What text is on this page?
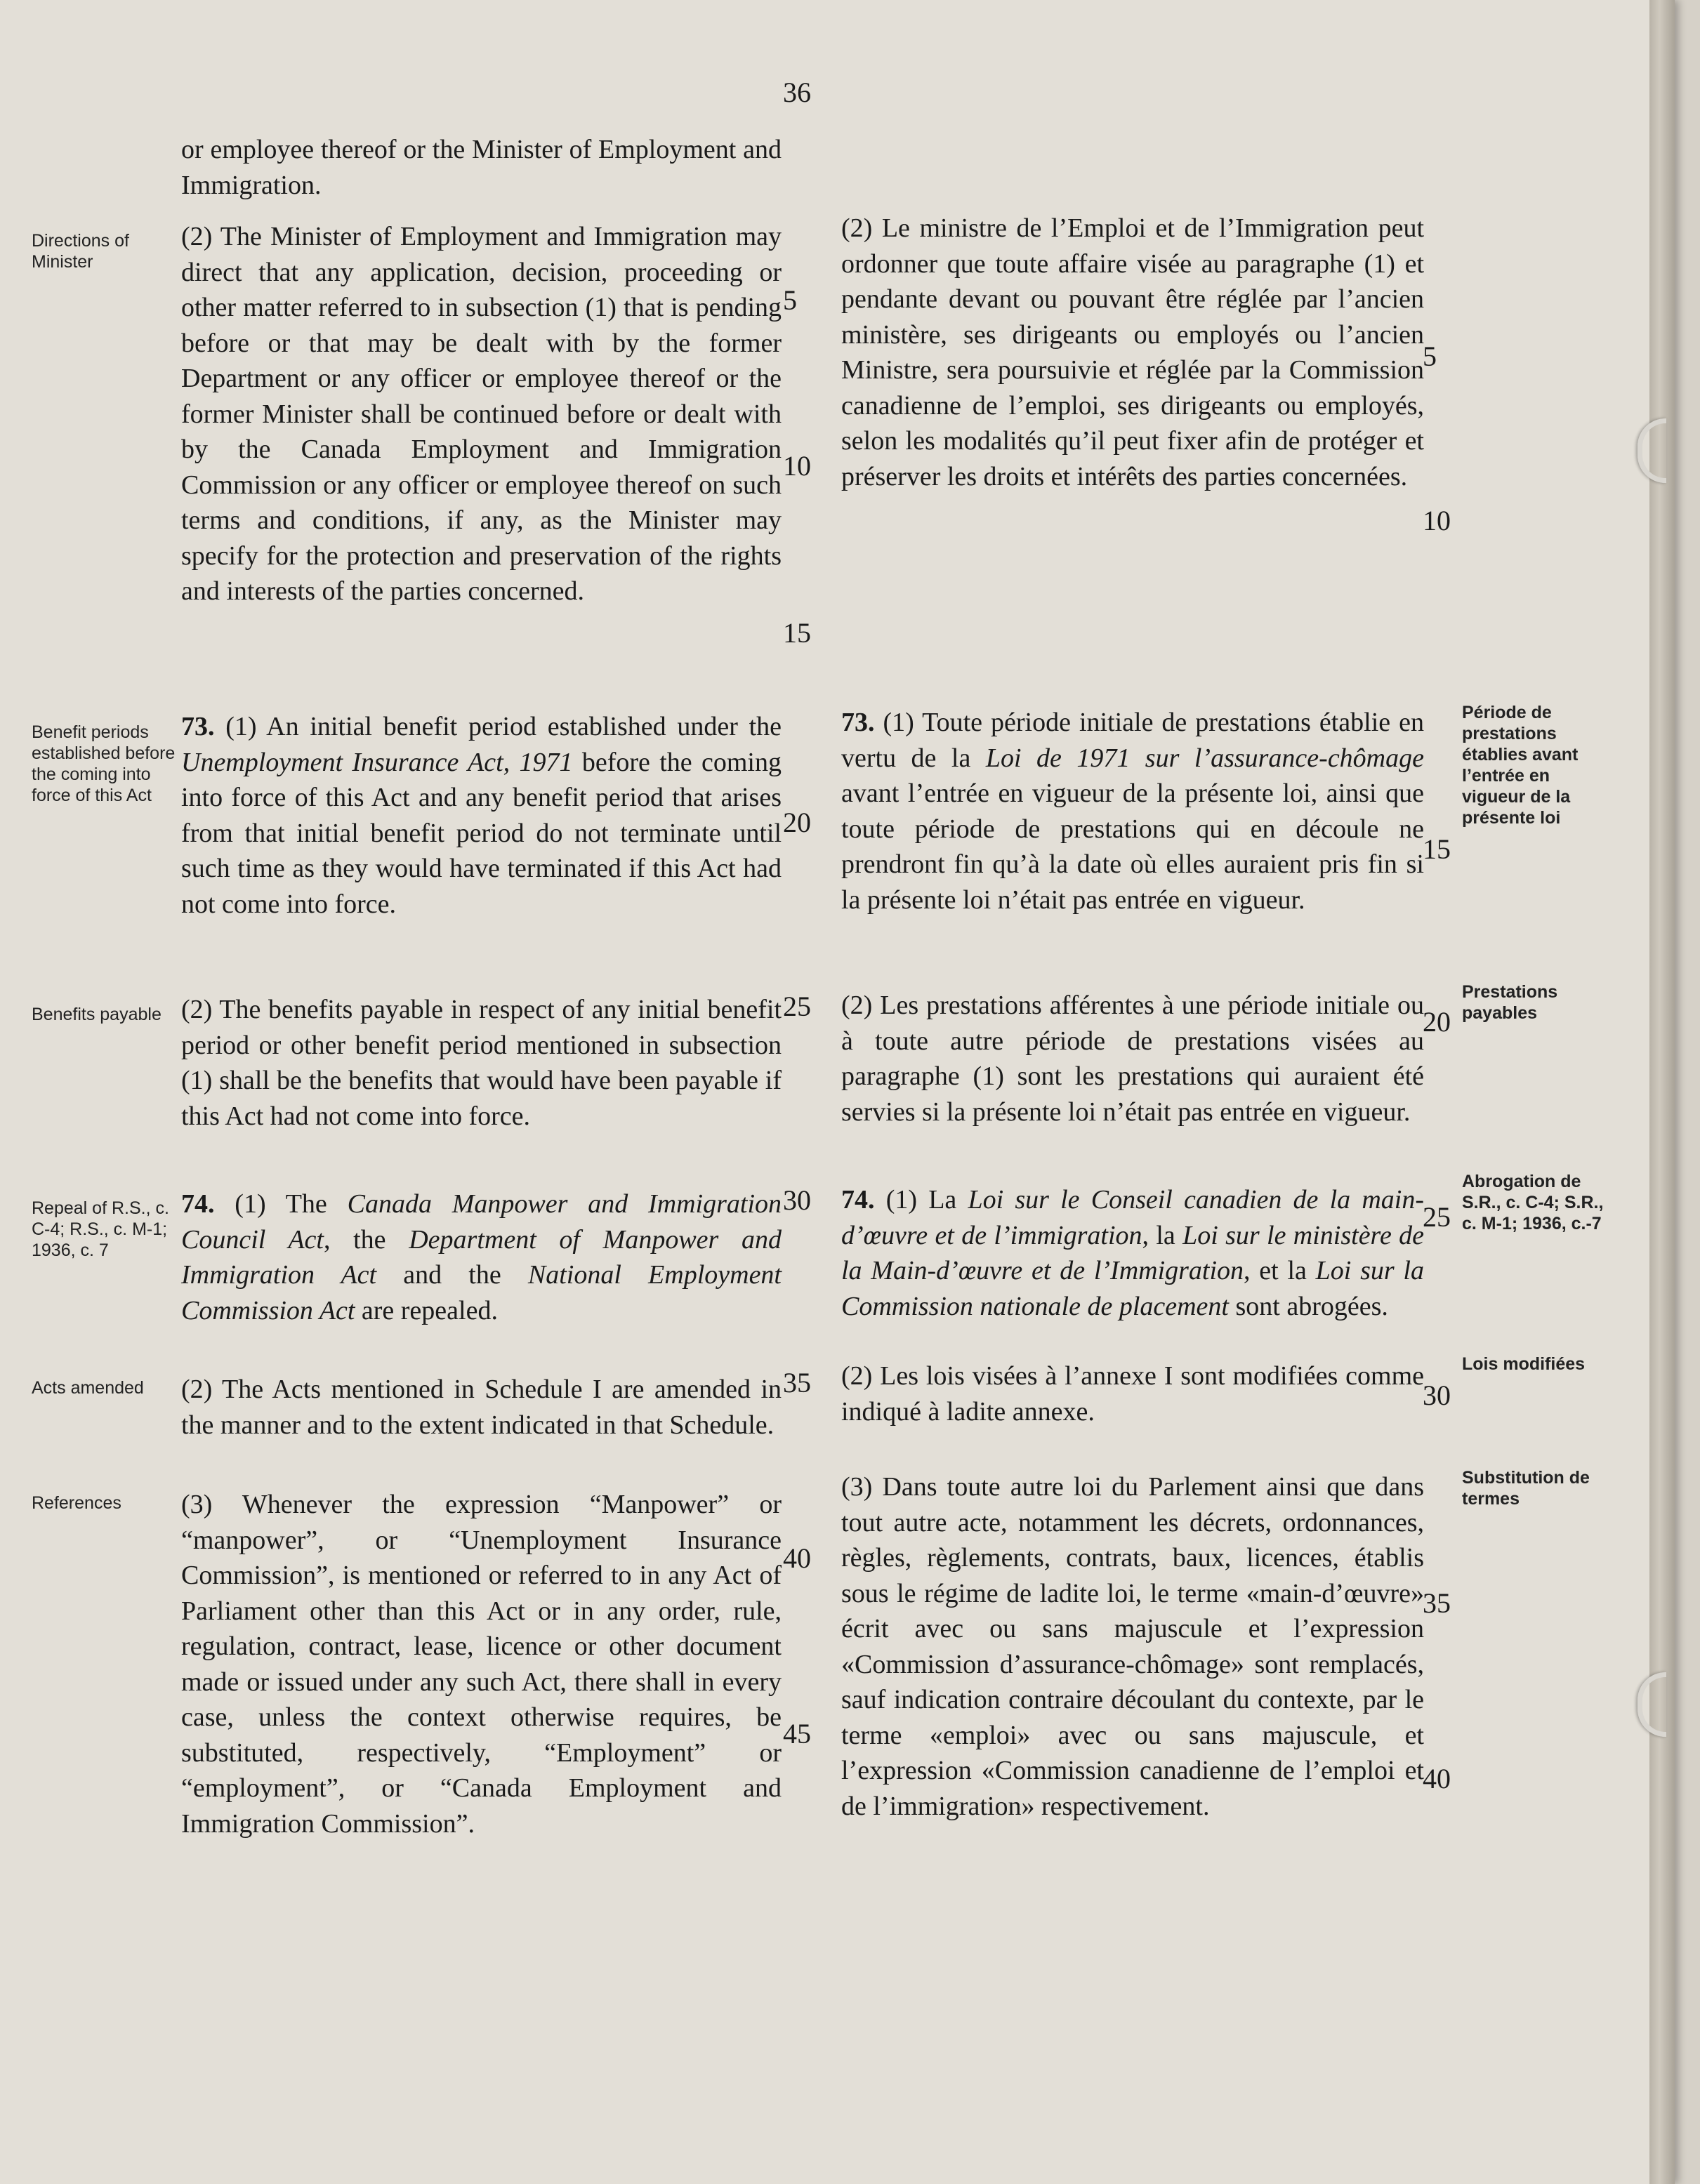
36
or employee thereof or the Minister of Employment and Immigration.
(2) The Minister of Employment and Immigration may direct that any application, decision, proceeding or other matter referred to in subsection (1) that is pending before or that may be dealt with by the former Department or any officer or employee thereof or the former Minister shall be continued before or dealt with by the Canada Employment and Immigration Commission or any officer or employee thereof on such terms and conditions, if any, as the Minister may specify for the protection and preservation of the rights and interests of the parties concerned.
73. (1) An initial benefit period established under the Unemployment Insurance Act, 1971 before the coming into force of this Act and any benefit period that arises from that initial benefit period do not terminate until such time as they would have terminated if this Act had not come into force.
(2) The benefits payable in respect of any initial benefit period or other benefit period mentioned in subsection (1) shall be the benefits that would have been payable if this Act had not come into force.
74. (1) The Canada Manpower and Immigration Council Act, the Department of Manpower and Immigration Act and the National Employment Commission Act are repealed.
(2) The Acts mentioned in Schedule I are amended in the manner and to the extent indicated in that Schedule.
(3) Whenever the expression “Manpower” or “manpower”, or “Unemployment Insurance Commission”, is mentioned or referred to in any Act of Parliament other than this Act or in any order, rule, regulation, contract, lease, licence or other document made or issued under any such Act, there shall in every case, unless the context otherwise requires, be substituted, respectively, “Employment” or “employment”, or “Canada Employment and Immigration Commission”.
(2) Le ministre de l’Emploi et de l’Immigration peut ordonner que toute affaire visée au paragraphe (1) et pendante devant ou pouvant être réglée par l’ancien ministère, ses dirigeants ou employés ou l’ancien Ministre, sera poursuivie et réglée par la Commission canadienne de l’emploi, ses dirigeants ou employés, selon les modalités qu’il peut fixer afin de protéger et préserver les droits et intérêts des parties concernées.
73. (1) Toute période initiale de prestations établie en vertu de la Loi de 1971 sur l’assurance-chômage avant l’entrée en vigueur de la présente loi, ainsi que toute période de prestations qui en découle ne prendront fin qu’à la date où elles auraient pris fin si la présente loi n’était pas entrée en vigueur.
(2) Les prestations afférentes à une période initiale ou à toute autre période de prestations visées au paragraphe (1) sont les prestations qui auraient été servies si la présente loi n’était pas entrée en vigueur.
74. (1) La Loi sur le Conseil canadien de la main-d’œuvre et de l’immigration, la Loi sur le ministère de la Main-d’œuvre et de l’Immigration, et la Loi sur la Commission nationale de placement sont abrogées.
(2) Les lois visées à l’annexe I sont modifiées comme indiqué à ladite annexe.
(3) Dans toute autre loi du Parlement ainsi que dans tout autre acte, notamment les décrets, ordonnances, règles, règlements, contrats, baux, licences, établis sous le régime de ladite loi, le terme «main-d’œuvre» écrit avec ou sans majuscule et l’expression «Commission d’assurance-chômage» sont remplacés, sauf indication contraire découlant du contexte, par le terme «emploi» avec ou sans majuscule, et l’expression «Commission canadienne de l’emploi et de l’immigration» respectivement.
Directions of Minister
Benefit periods established before the coming into force of this Act
Benefits payable
Repeal of R.S., c. C-4; R.S., c. M-1; 1936, c. 7
Acts amended
References
Période de prestations établies avant l’entrée en vigueur de la présente loi
Prestations payables
Abrogation de S.R., c. C-4; S.R., c. M-1; 1936, c.-7
Lois modifiées
Substitution de termes
5
10
15
20
25
30
35
40
45
5
10
15
20
25
30
35
40
